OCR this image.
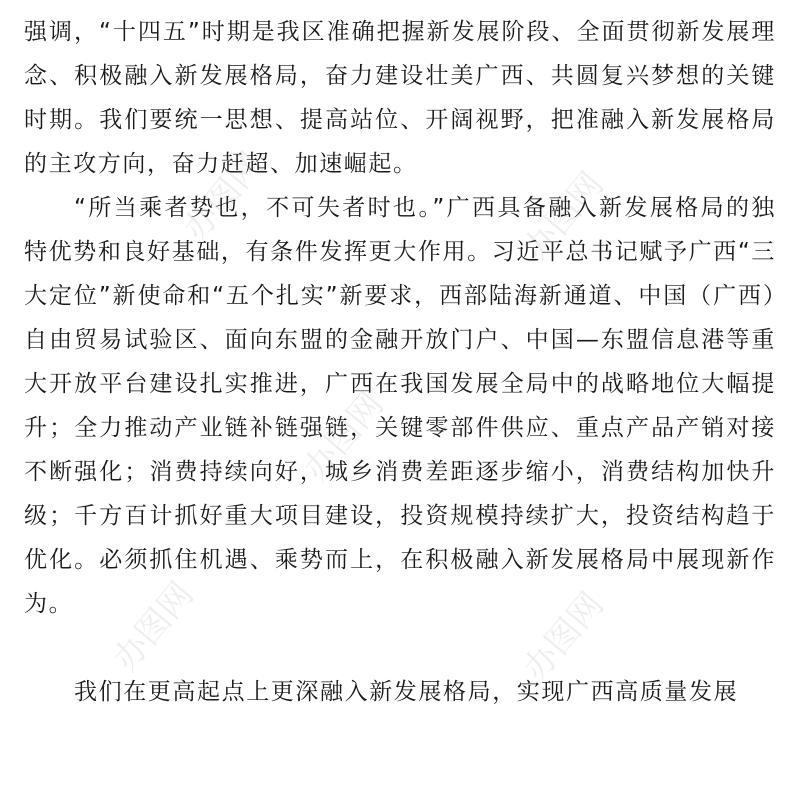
强调，“十四五”时期是我区准确把握新发展阶段、全面贯彻新发展理念、积极融入新发展格局，奋力建设壮美广西、共圆复兴梦想的关键时期。我们要统一思想、提高站位、开阔视野，把准融入新发展格局的主攻方向，奋力赶超、加速崛起。

“所当乘者势也，不可失者时也。”广西具备融入新发展格局的独特优势和良好基础，有条件发挥更大作用。习近平总书记赋予广西“三大定位”新使命和“五个扎实”新要求，西部陆海新通道、中国（广西）自由贸易试验区、面向东盟的金融开放门户、中国—东盟信息港等重大开放平台建设扎实推进，广西在我国发展全局中的战略地位大幅提升；全力推动产业链补链强链，关键零部件供应、重点产品产销对接不断强化；消费持续向好，城乡消费差距逐步缩小，消费结构加快升级；千方百计抓好重大项目建设，投资规模持续扩大，投资结构趋于优化。必须抓住机遇、乘势而上，在积极融入新发展格局中展现新作为。

我们在更高起点上更深融入新发展格局，实现广西高质量发展

办图网	办图网
办图网
办图网	办图网
